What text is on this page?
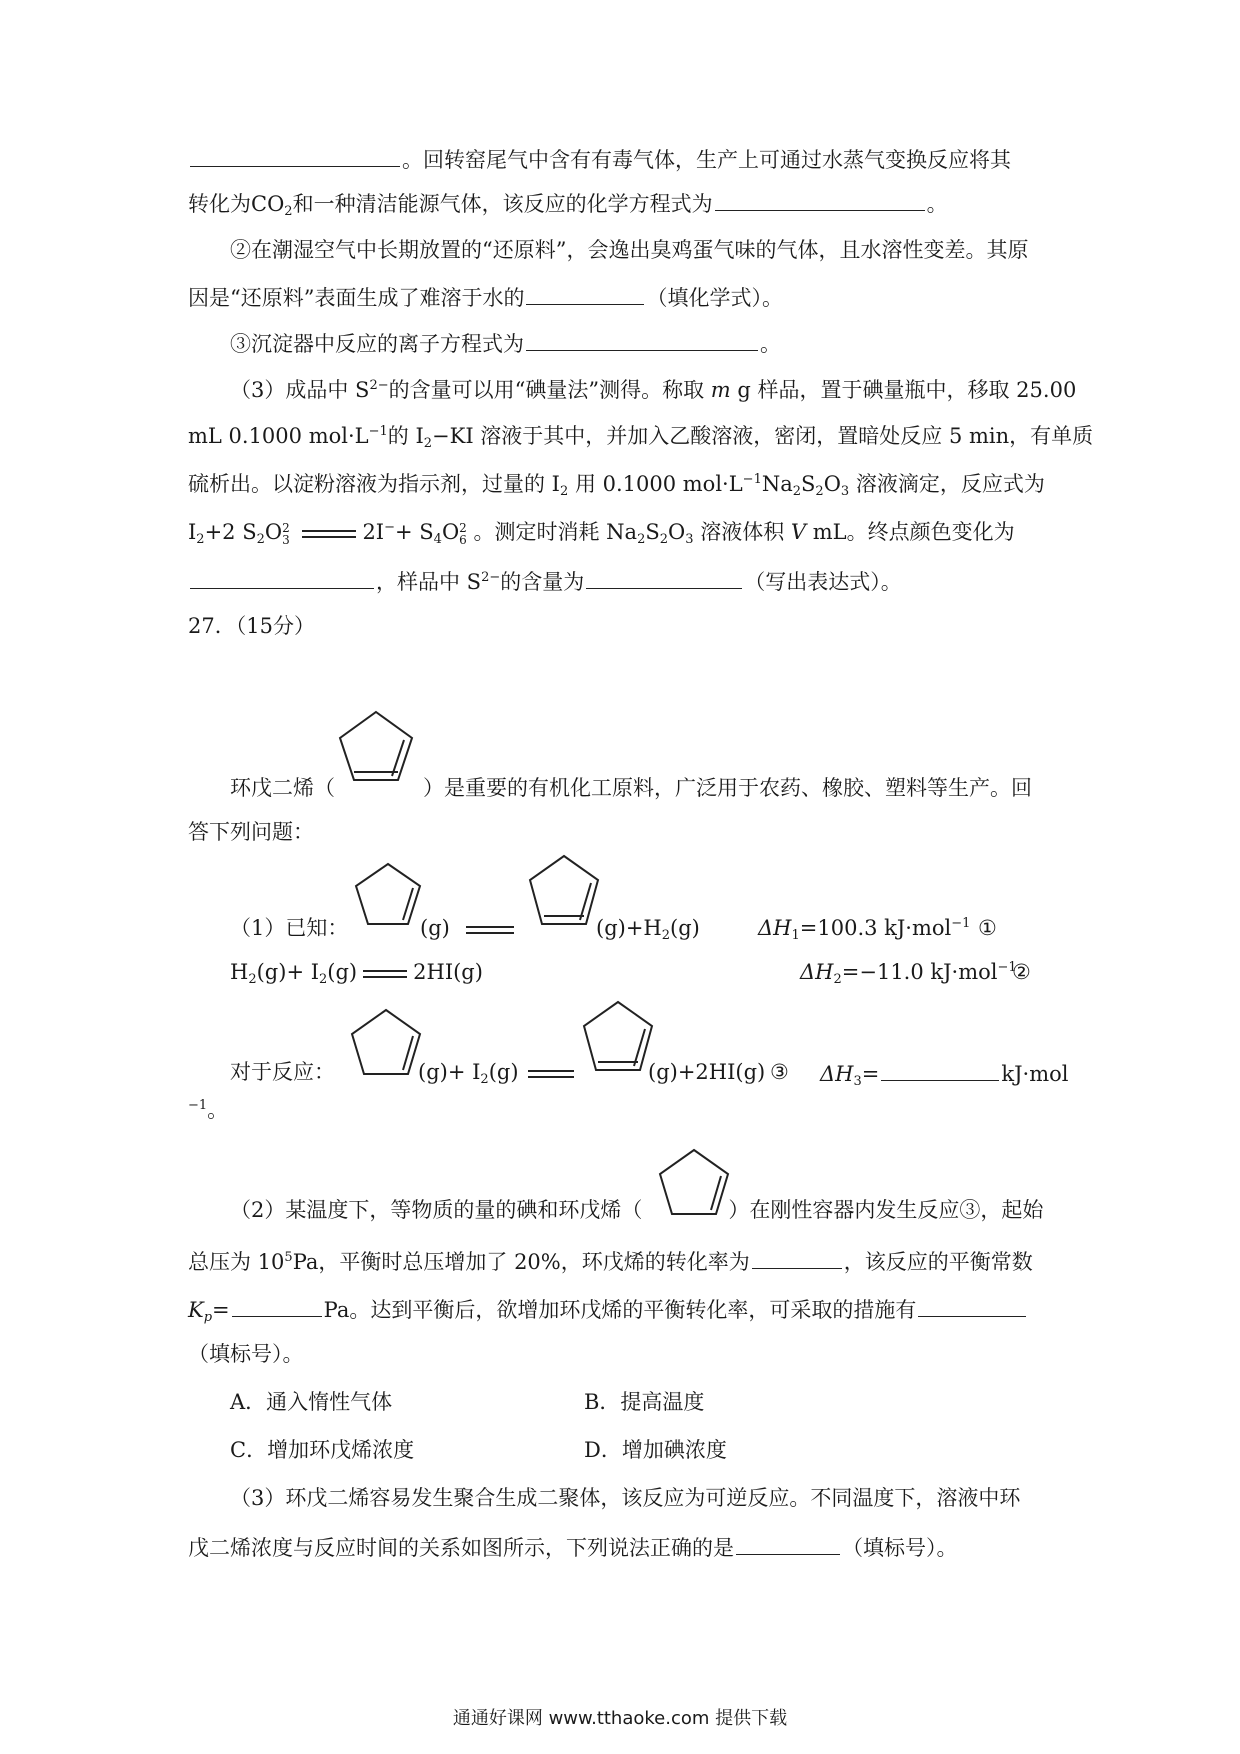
。回转窑尾气中含有有毒气体，生产上可通过水蒸气变换反应将其
转化为$CO_2$和一种清洁能源气体，该反应的化学方程式为	。
②在潮湿空气中长期放置的“还原料”，会逸出臭鸡蛋气味的气体，且水溶性变差。其原
因是“还原料”表面生成了难溶于水的	（填化学式）。
③沉淀器中反应的离子方程式为	。
（3）成品中 $S^{2-}$的含量可以用“碘量法”测得。称取 m g 样品，置于碘量瓶中，移取 25.00
mL 0.1000 $mol\cdot L^{-1}$的 $I_2-KI$ 溶液于其中，并加入乙酸溶液，密闭，置暗处反应 5 min，有单质
硫析出。以淀粉溶液为指示剂，过量的 $I_2$ 用 0.1000 $mol\cdot L^{-1}Na_2S_2O_3$ 溶液滴定，反应式为
$I_2+2$ $S_2O$ 2
3	$2I^-+ S_4O$ 2
6 。测定时消耗 $Na_2S_2O_3$ 溶液体积 V mL。终点颜色变化为
，样品中 $S^{2-}$的含量为	（写出表达式）。
27．（15分）
环戊二烯（	）是重要的有机化工原料，广泛用于农药、橡胶、塑料等生产。回
答下列问题：
（1）已知：	(g)	$(g)+H_2(g)$	$\Delta H_1=100.3$ kJ·mol$^{-1}$ ①
$H_2(g)+ I_2(g)$	2HI(g)	$\Delta H_2=-11.0$ kJ·mol$^{-1}$
②
对于反应：	$(g)+ I_2(g)$	(g)+2HI(g) ③ $\Delta H_3=$	kJ·mol
$^{-1}$。
（2）某温度下，等物质的量的碘和环戊烯（	）在刚性容器内发生反应③，起始
总压为 $10^5Pa$，平衡时总压增加了 20%，环戊烯的转化率为	，该反应的平衡常数
$K_p=$	Pa。达到平衡后，欲增加环戊烯的平衡转化率，可采取的措施有
（填标号）。
A．通入惰性气体	B．提高温度
C．增加环戊烯浓度	D．增加碘浓度
（3）环戊二烯容易发生聚合生成二聚体，该反应为可逆反应。不同温度下，溶液中环
戊二烯浓度与反应时间的关系如图所示，下列说法正确的是	（填标号）。
通通好课网 www.tthaoke.com 提供下载
